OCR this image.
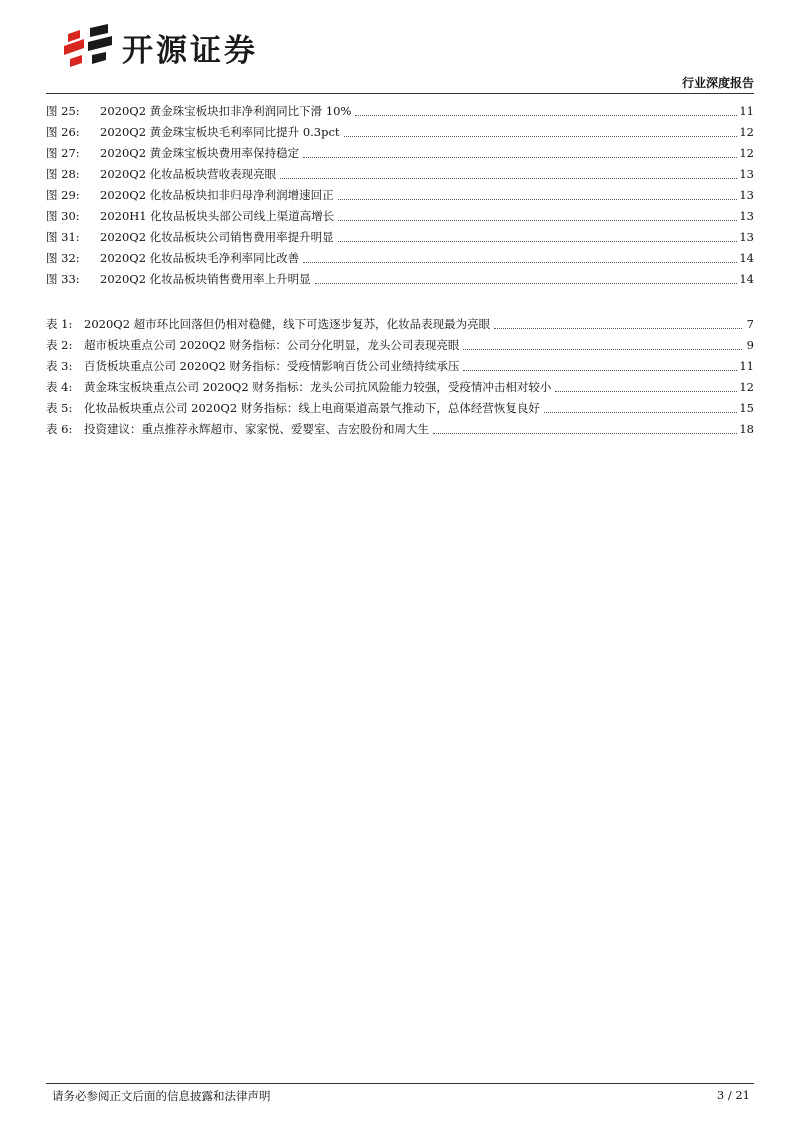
开源证券
行业深度报告
图 25:	2020Q2 黄金珠宝板块扣非净利润同比下滑 10%	11
图 26:	2020Q2 黄金珠宝板块毛利率同比提升 0.3pct	12
图 27:	2020Q2 黄金珠宝板块费用率保持稳定	12
图 28:	2020Q2 化妆品板块营收表现亮眼	13
图 29:	2020Q2 化妆品板块扣非归母净利润增速回正	13
图 30:	2020H1 化妆品板块头部公司线上渠道高增长	13
图 31:	2020Q2 化妆品板块公司销售费用率提升明显	13
图 32:	2020Q2 化妆品板块毛净利率同比改善	14
图 33:	2020Q2 化妆品板块销售费用率上升明显	14
表 1:	2020Q2 超市环比回落但仍相对稳健，线下可选逐步复苏，化妆品表现最为亮眼	7
表 2:	超市板块重点公司 2020Q2 财务指标：公司分化明显，龙头公司表现亮眼	9
表 3:	百货板块重点公司 2020Q2 财务指标：受疫情影响百货公司业绩持续承压	11
表 4:	黄金珠宝板块重点公司 2020Q2 财务指标：龙头公司抗风险能力较强，受疫情冲击相对较小	12
表 5:	化妆品板块重点公司 2020Q2 财务指标：线上电商渠道高景气推动下，总体经营恢复良好	15
表 6:	投资建议：重点推荐永辉超市、家家悦、爱婴室、吉宏股份和周大生	18
请务必参阅正文后面的信息披露和法律声明	3 / 21
